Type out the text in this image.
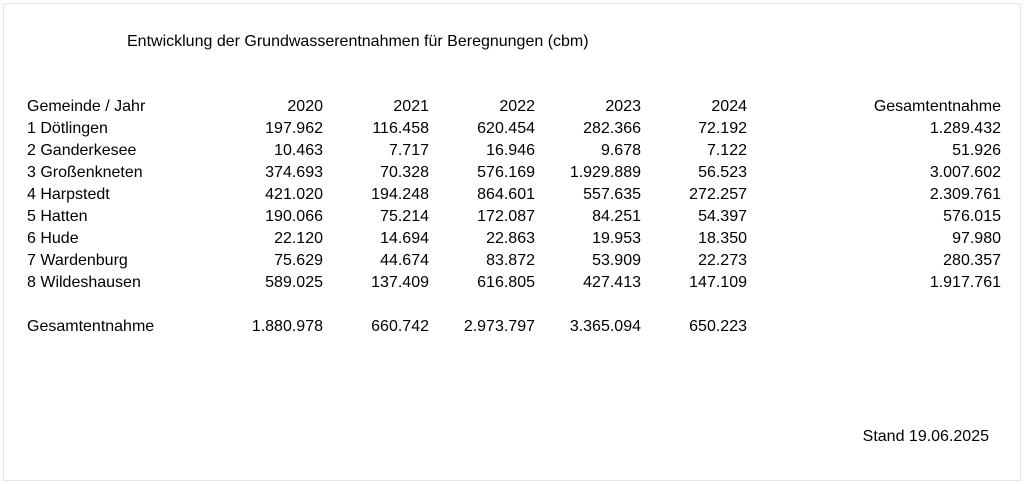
Entwicklung der Grundwasserentnahmen für Beregnungen (cbm)
Gemeinde / Jahr	2020	2021	2022	2023	2024		Gesamtentnahme
1 Dötlingen	197.962	116.458	620.454	282.366	72.192		1.289.432
2 Ganderkesee	10.463	7.717	16.946	9.678	7.122		51.926
3 Großenkneten	374.693	70.328	576.169	1.929.889	56.523		3.007.602
4 Harpstedt	421.020	194.248	864.601	557.635	272.257		2.309.761
5 Hatten	190.066	75.214	172.087	84.251	54.397		576.015
6 Hude	22.120	14.694	22.863	19.953	18.350		97.980
7 Wardenburg	75.629	44.674	83.872	53.909	22.273		280.357
8 Wildeshausen	589.025	137.409	616.805	427.413	147.109		1.917.761

Gesamtentnahme	1.880.978	660.742	2.973.797	3.365.094	650.223		
Stand 19.06.2025
